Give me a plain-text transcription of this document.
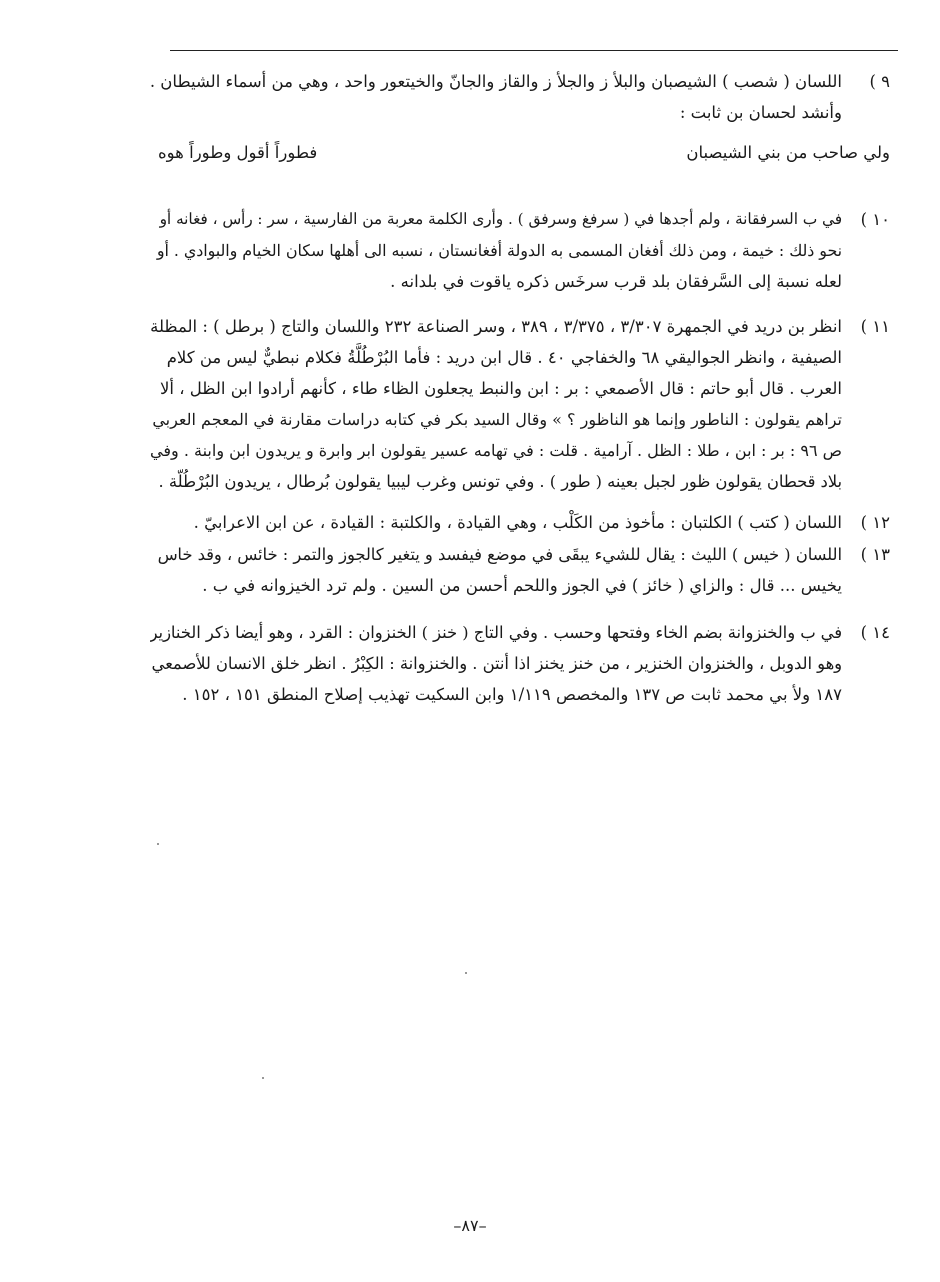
٩ )
اللسان ( شصب ) الشيصبان والبلأ ز والجلأ ز والقاز والجانّ والخيتعور واحد ، وهي من أسماء الشيطان .
وأنشد لحسان بن ثابت :
ولي صاحب من بني الشيصبان
فطوراً أقول وطوراً هوه
١٠ )
في ب السرفقانة ، ولم أجدها في ( سرفغ وسرفق ) . وأرى الكلمة معربة من الفارسية ، سر : رأس ، فغانه أو
نحو ذلك : خيمة ، ومن ذلك أفغان المسمى به الدولة أفغانستان ، نسبه الى أهلها سكان الخيام والبوادي . أو
لعله نسبة إلى السَّرفقان بلد قرب سرخَس ذكره ياقوت في بلدانه .
١١ )
انظر بن دريد في الجمهرة ٣/٣٠٧ ، ٣/٣٧٥ ، ٣٨٩ ، وسر الصناعة ٢٣٢ واللسان والتاج ( برطل ) : المظلة
الصيفية ، وانظر الجواليقي ٦٨ والخفاجي ٤٠ . قال ابن دريد : فأما البُرْطُلَّةُ فكلام نبطيٌّ ليس من كلام
العرب . قال أبو حاتم : قال الأصمعي : بر : ابن والنبط يجعلون الظاء طاء ، كأنهم أرادوا ابن الظل ، ألا
تراهم يقولون : الناطور وإنما هو الناظور ؟ » وقال السيد بكر في كتابه دراسات مقارنة في المعجم العربي
ص ٩٦ : بر : ابن ، طلا : الظل . آرامية . قلت : في تهامه عسير يقولون ابر وابرة و يريدون ابن وابنة . وفي
بلاد قحطان يقولون ظور لجبل بعينه ( طور ) . وفي تونس وغرب ليبيا يقولون بُرطال ، يريدون البُرْطُلّة .
١٢ )
اللسان ( كتب ) الكلتبان : مأخوذ من الكَلْب ، وهي القيادة ، والكلتبة : القيادة ، عن ابن الاعرابيّ .
١٣ )
اللسان ( خيس ) الليث : يقال للشيء يبقَى في موضع فيفسد و يتغير كالجوز والتمر : خائس ، وقد خاس
يخيس ... قال : والزاي ( خائز ) في الجوز واللحم أحسن من السين . ولم ترد الخيزوانه في ب .
١٤ )
في ب والخنزوانة بضم الخاء وفتحها وحسب . وفي التاج ( خنز ) الخنزوان : القرد ، وهو أيضا ذكر الخنازير
وهو الدوبل ، والخنزوان الخنزير ، من خنز يخنز اذا أنتن . والخنزوانة : الكِبْرُ . انظر خلق الانسان للأصمعي
١٨٧ ولأ بي محمد ثابت ص ١٣٧ والمخصص ١/١١٩ وابن السكيت تهذيب إصلاح المنطق ١٥١ ، ١٥٢ .
–٨٧–
